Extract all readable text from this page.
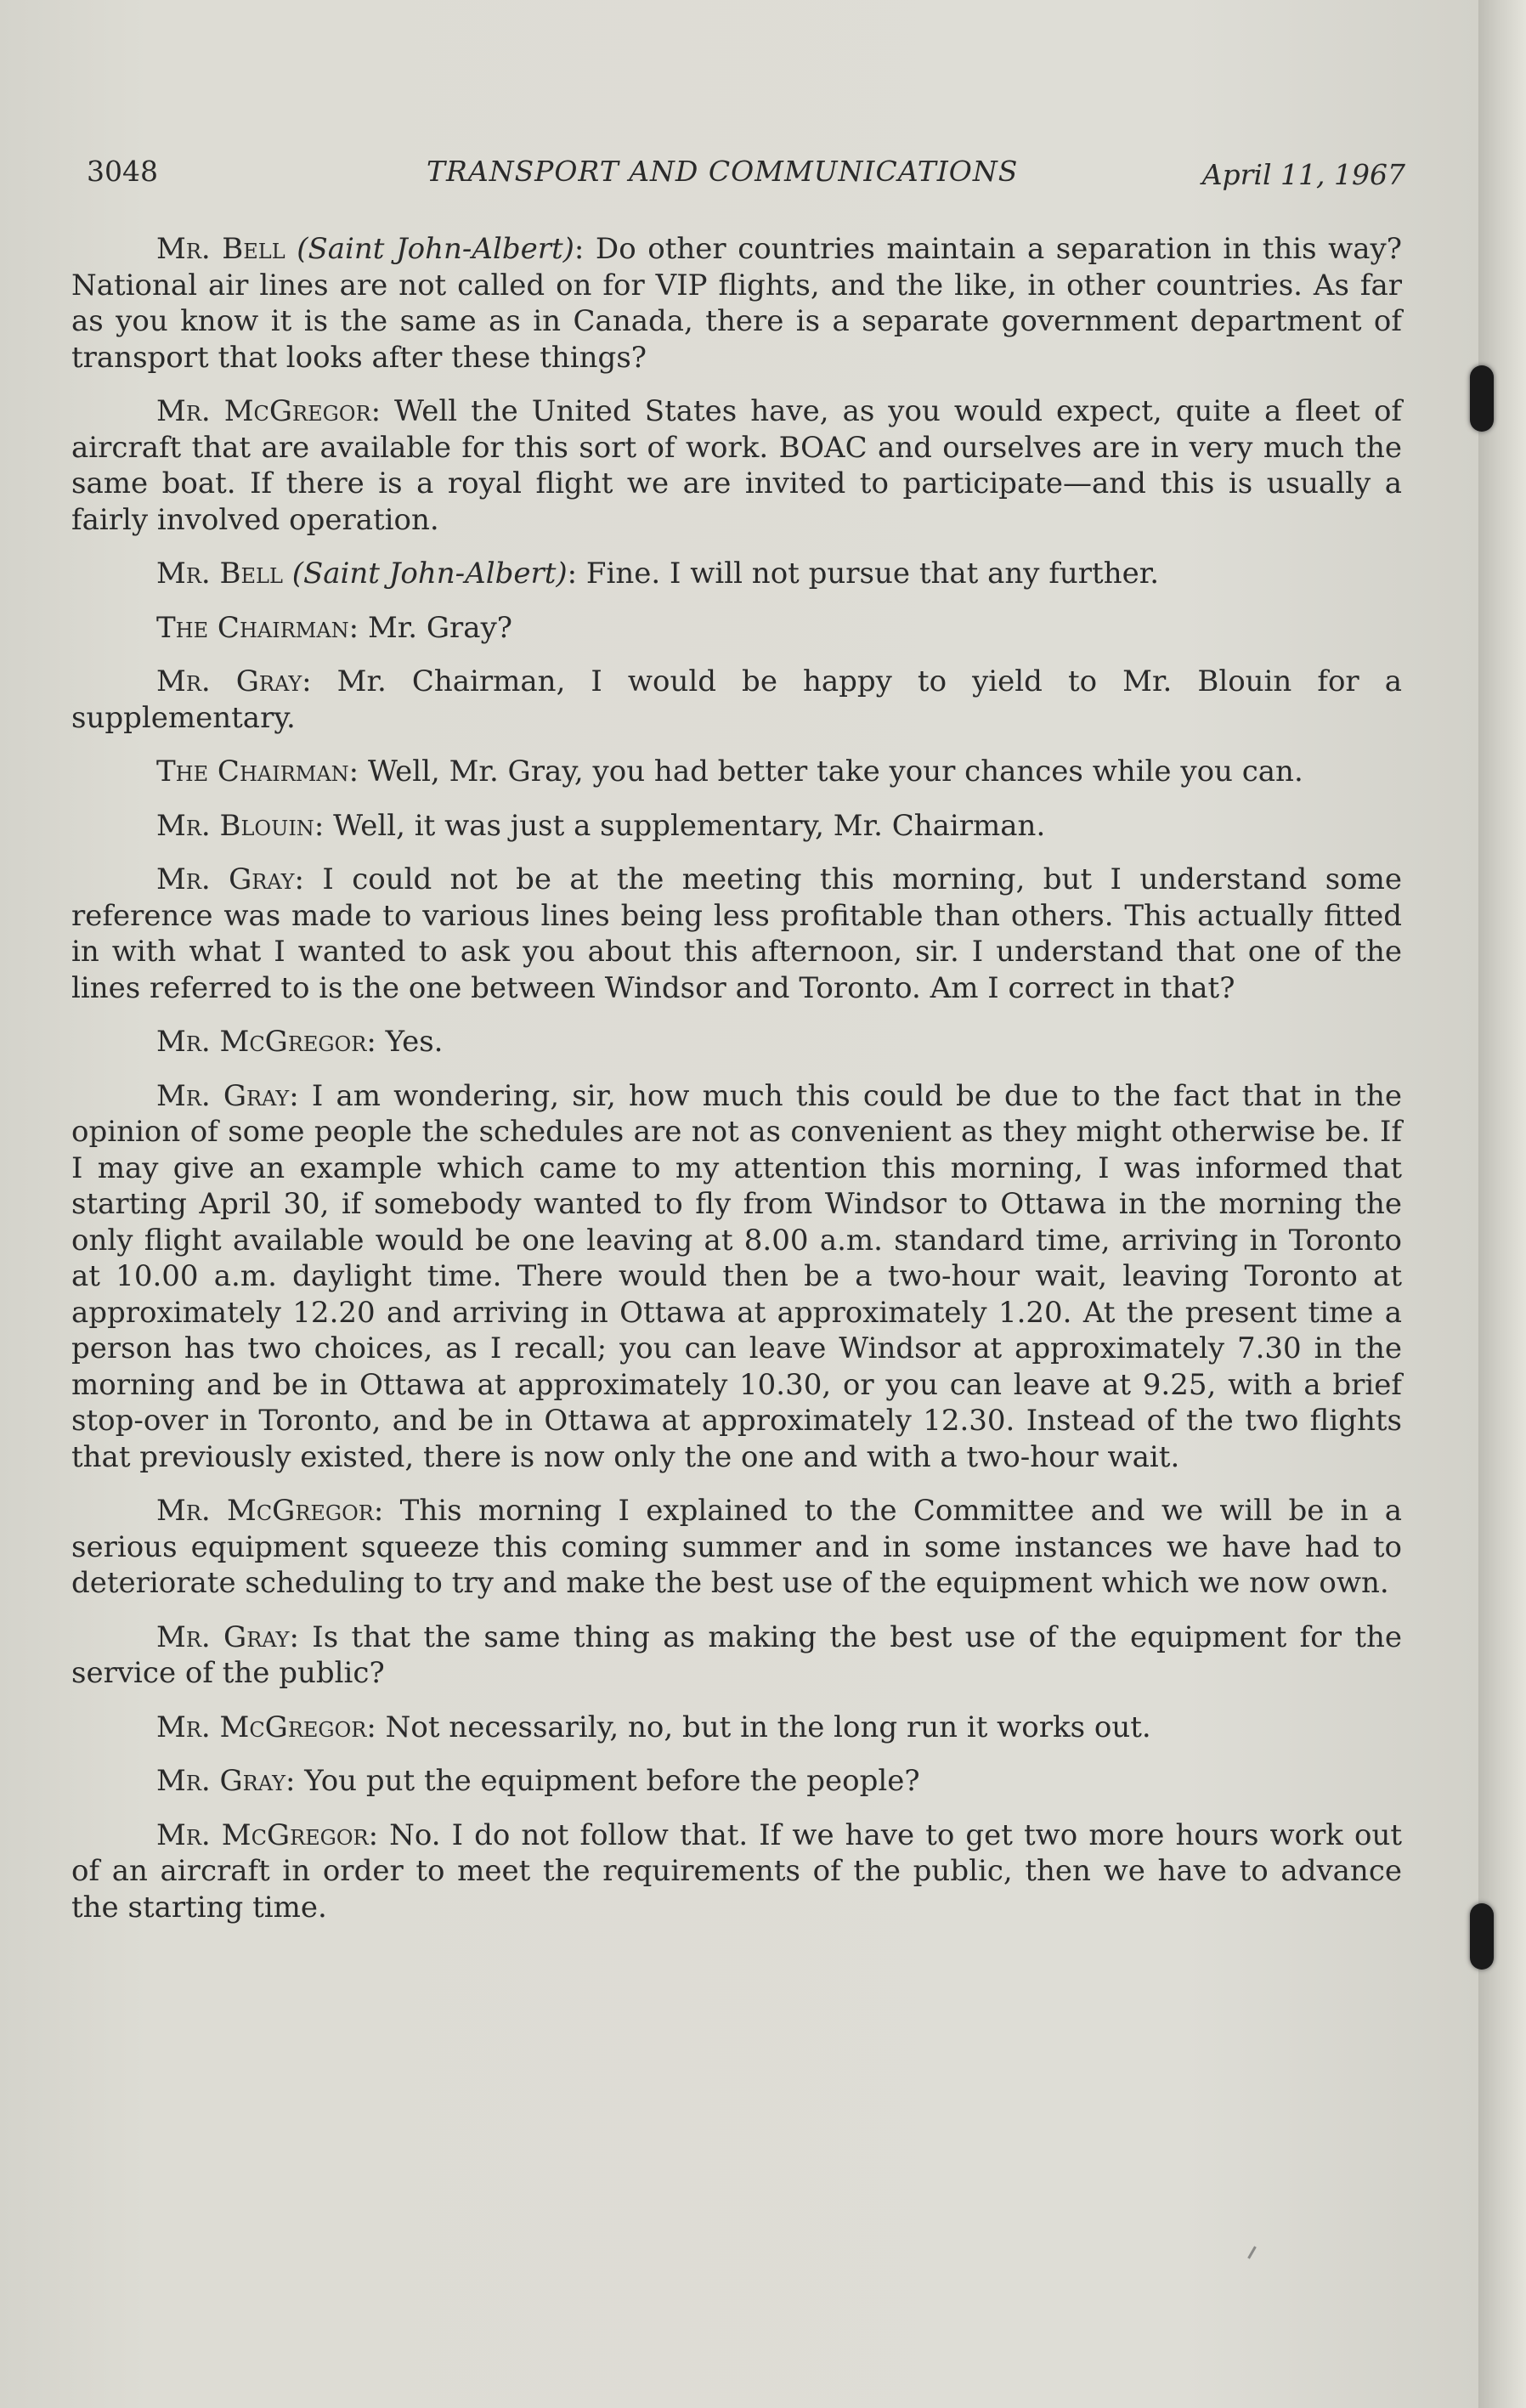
3048	TRANSPORT AND COMMUNICATIONS	April 11, 1967

Mr. Bell (Saint John-Albert): Do other countries maintain a separation in this way? National air lines are not called on for VIP flights, and the like, in other countries. As far as you know it is the same as in Canada, there is a separate government department of transport that looks after these things?

Mr. McGregor: Well the United States have, as you would expect, quite a fleet of aircraft that are available for this sort of work. BOAC and ourselves are in very much the same boat. If there is a royal flight we are invited to participate—and this is usually a fairly involved operation.

Mr. Bell (Saint John-Albert): Fine. I will not pursue that any further.

The Chairman: Mr. Gray?

Mr. Gray: Mr. Chairman, I would be happy to yield to Mr. Blouin for a supplementary.

The Chairman: Well, Mr. Gray, you had better take your chances while you can.

Mr. Blouin: Well, it was just a supplementary, Mr. Chairman.

Mr. Gray: I could not be at the meeting this morning, but I understand some reference was made to various lines being less profitable than others. This actually fitted in with what I wanted to ask you about this afternoon, sir. I understand that one of the lines referred to is the one between Windsor and Toronto. Am I correct in that?

Mr. McGregor: Yes.

Mr. Gray: I am wondering, sir, how much this could be due to the fact that in the opinion of some people the schedules are not as convenient as they might otherwise be. If I may give an example which came to my attention this morning, I was informed that starting April 30, if somebody wanted to fly from Windsor to Ottawa in the morning the only flight available would be one leaving at 8.00 a.m. standard time, arriving in Toronto at 10.00 a.m. daylight time. There would then be a two-hour wait, leaving Toronto at approximately 12.20 and arriving in Ottawa at approximately 1.20. At the present time a person has two choices, as I recall; you can leave Windsor at approximately 7.30 in the morning and be in Ottawa at approximately 10.30, or you can leave at 9.25, with a brief stop-over in Toronto, and be in Ottawa at approximately 12.30. Instead of the two flights that previously existed, there is now only the one and with a two-hour wait.

Mr. McGregor: This morning I explained to the Committee and we will be in a serious equipment squeeze this coming summer and in some instances we have had to deteriorate scheduling to try and make the best use of the equipment which we now own.

Mr. Gray: Is that the same thing as making the best use of the equipment for the service of the public?

Mr. McGregor: Not necessarily, no, but in the long run it works out.

Mr. Gray: You put the equipment before the people?

Mr. McGregor: No. I do not follow that. If we have to get two more hours work out of an aircraft in order to meet the requirements of the public, then we have to advance the starting time.
